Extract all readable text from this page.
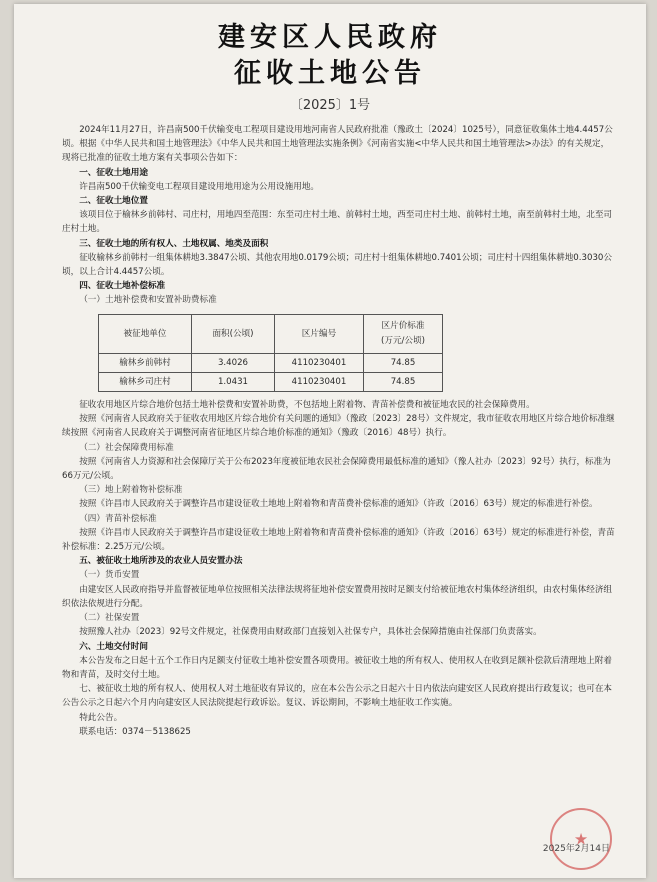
建安区人民政府
征收土地公告
〔2025〕1号

2024年11月27日，许昌南500千伏输变电工程项目建设用地河南省人民政府批准（豫政土〔2024〕1025号），同意征收集体土地4.4457公顷。根据《中华人民共和国土地管理法》《中华人民共和国土地管理法实施条例》《河南省实施<中华人民共和国土地管理法>办法》的有关规定，现将已批准的征收土地方案有关事项公告如下：

一、征收土地用途

许昌南500千伏输变电工程项目建设用地用途为公用设施用地。

二、征收土地位置

该项目位于榆林乡前韩村、司庄村，用地四至范围：东至司庄村土地、前韩村土地，西至司庄村土地、前韩村土地，南至前韩村土地，北至司庄村土地。

三、征收土地的所有权人、土地权属、地类及面积

征收榆林乡前韩村一组集体耕地3.3847公顷、其他农用地0.0179公顷；司庄村十组集体耕地0.7401公顷；司庄村十四组集体耕地0.3030公顷，以上合计4.4457公顷。

四、征收土地补偿标准

（一）土地补偿费和安置补助费标准

被征地单位	面积(公顷)	区片编号	区片价标准
(万元/公顷)
榆林乡前韩村	3.4026	4110230401	74.85
榆林乡司庄村	1.0431	4110230401	74.85

征收农用地区片综合地价包括土地补偿费和安置补助费，不包括地上附着物、青苗补偿费和被征地农民的社会保障费用。

按照《河南省人民政府关于征收农用地区片综合地价有关问题的通知》（豫政〔2023〕28号）文件规定，我市征收农用地区片综合地价标准继续按照《河南省人民政府关于调整河南省征地区片综合地价标准的通知》（豫政〔2016〕48号）执行。

（二）社会保障费用标准

按照《河南省人力资源和社会保障厅关于公布2023年度被征地农民社会保障费用最低标准的通知》（豫人社办〔2023〕92号）执行，标准为66万元/公顷。

（三）地上附着物补偿标准

按照《许昌市人民政府关于调整许昌市建设征收土地地上附着物和青苗费补偿标准的通知》（许政〔2016〕63号）规定的标准进行补偿。

（四）青苗补偿标准

按照《许昌市人民政府关于调整许昌市建设征收土地地上附着物和青苗费补偿标准的通知》（许政〔2016〕63号）规定的标准进行补偿，青苗补偿标准：2.25万元/公顷。

五、被征收土地所涉及的农业人员安置办法

（一）货币安置

由建安区人民政府指导并监督被征地单位按照相关法律法规将征地补偿安置费用按时足额支付给被征地农村集体经济组织，由农村集体经济组织依法依规进行分配。

（二）社保安置

按照豫人社办〔2023〕92号文件规定，社保费用由财政部门直接划入社保专户，具体社会保障措施由社保部门负责落实。

六、土地交付时间

本公告发布之日起十五个工作日内足额支付征收土地补偿安置各项费用。被征收土地的所有权人、使用权人在收到足额补偿款后清理地上附着物和青苗，及时交付土地。

七、被征收土地的所有权人、使用权人对土地征收有异议的，应在本公告公示之日起六十日内依法向建安区人民政府提出行政复议；也可在本公告公示之日起六个月内向建安区人民法院提起行政诉讼。复议、诉讼期间，不影响土地征收工作实施。

特此公告。

联系电话：0374－5138625

★
2025年2月14日
